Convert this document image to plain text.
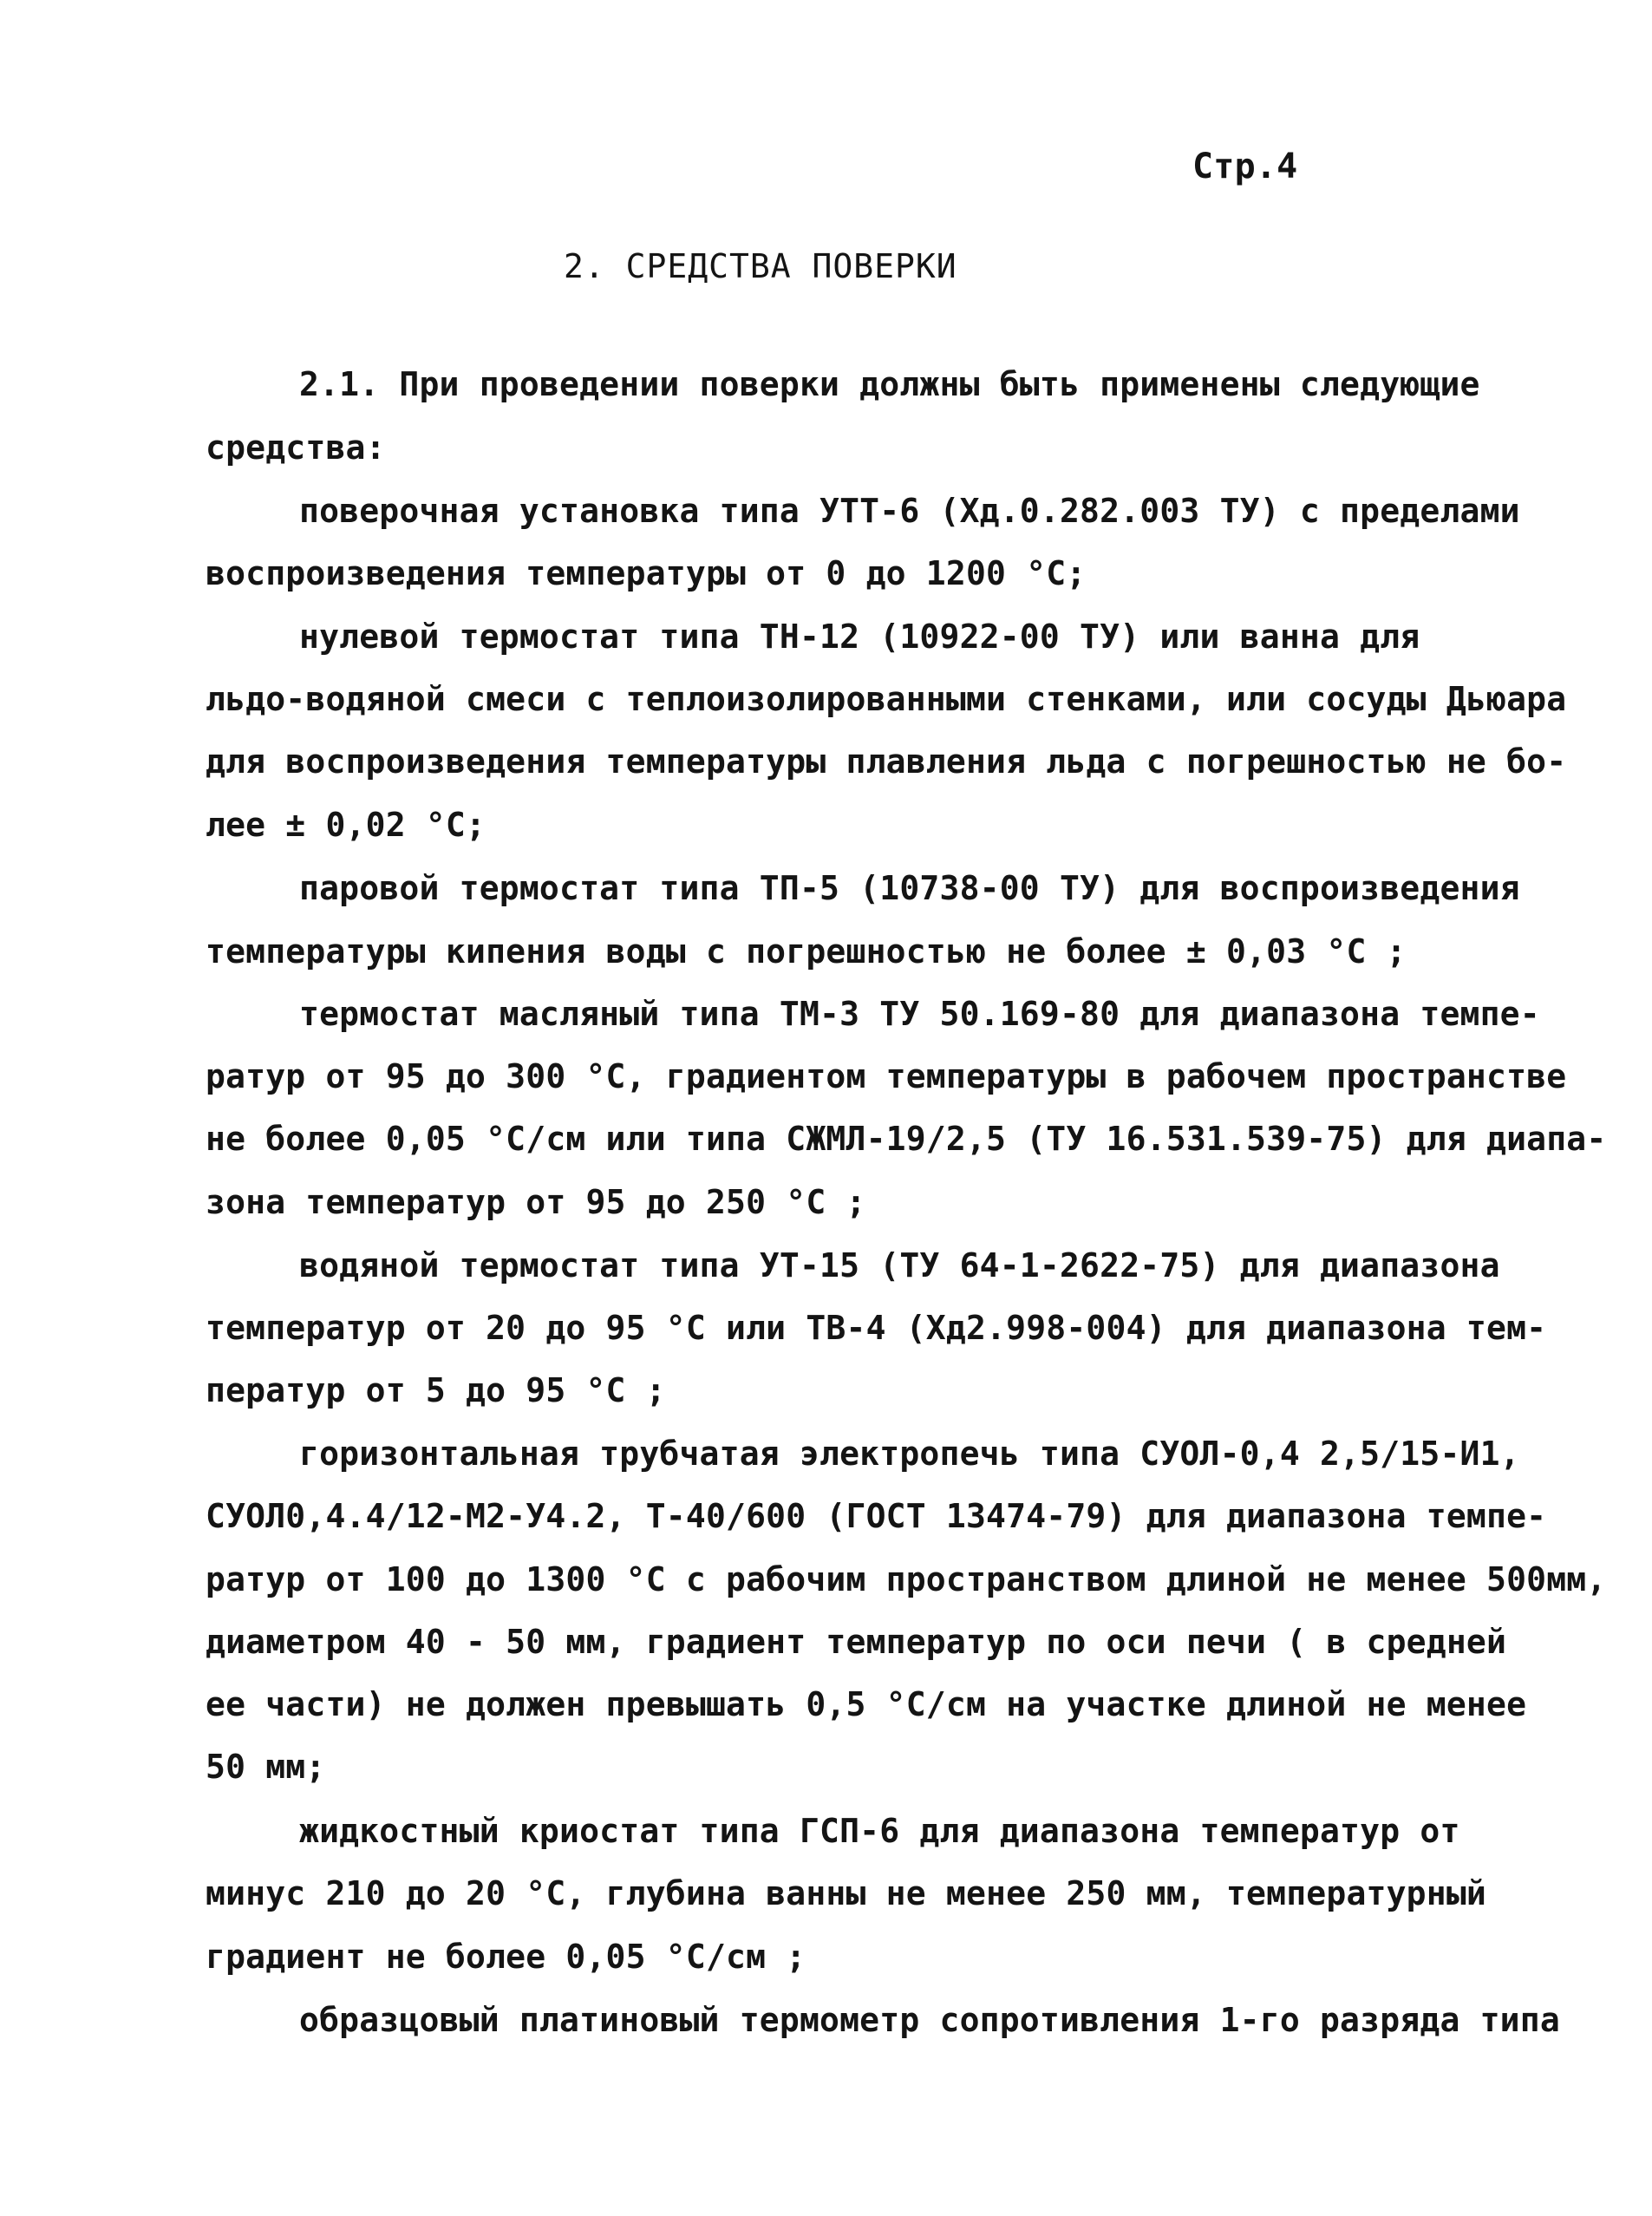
Стр.4
2. СРЕДСТВА ПОВЕРКИ
2.1. При проведении поверки должны быть применены следующие
средства:
поверочная установка типа УТТ-6 (Хд.0.282.003 ТУ) с пределами
воспроизведения температуры от 0 до 1200 °С;
нулевой термостат типа ТН-12 (10922-00 ТУ) или ванна для
льдо-водяной смеси с теплоизолированными стенками, или сосуды Дьюара
для воспроизведения температуры плавления льда с погрешностью не бо-
лее ± 0,02 °С;
паровой термостат типа ТП-5 (10738-00 ТУ) для воспроизведения
температуры кипения воды с погрешностью не более ± 0,03 °С ;
термостат масляный типа ТМ-3 ТУ 50.169-80 для диапазона темпе-
ратур от 95 до 300 °С, градиентом температуры в рабочем пространстве
не более 0,05 °С/см или типа СЖМЛ-19/2,5 (ТУ 16.531.539-75) для диапа-
зона температур от 95 до 250 °С ;
водяной термостат типа УТ-15 (ТУ 64-1-2622-75) для диапазона
температур от 20 до 95 °С или ТВ-4 (Хд2.998-004) для диапазона тем-
ператур от 5 до 95 °С ;
горизонтальная трубчатая электропечь типа СУОЛ-0,4 2,5/15-И1,
СУОЛ0,4.4/12-М2-У4.2, Т-40/600 (ГОСТ 13474-79) для диапазона темпе-
ратур от 100 до 1300 °С с рабочим пространством длиной не менее 500мм,
диаметром 40 - 50 мм, градиент температур по оси печи ( в средней
ее части) не должен превышать 0,5 °С/см на участке длиной не менее
50 мм;
жидкостный криостат типа ГСП-6 для диапазона температур от
минус 210 до 20 °С, глубина ванны не менее 250 мм, температурный
градиент не более 0,05 °С/см ;
образцовый платиновый термометр сопротивления 1-го разряда типа
